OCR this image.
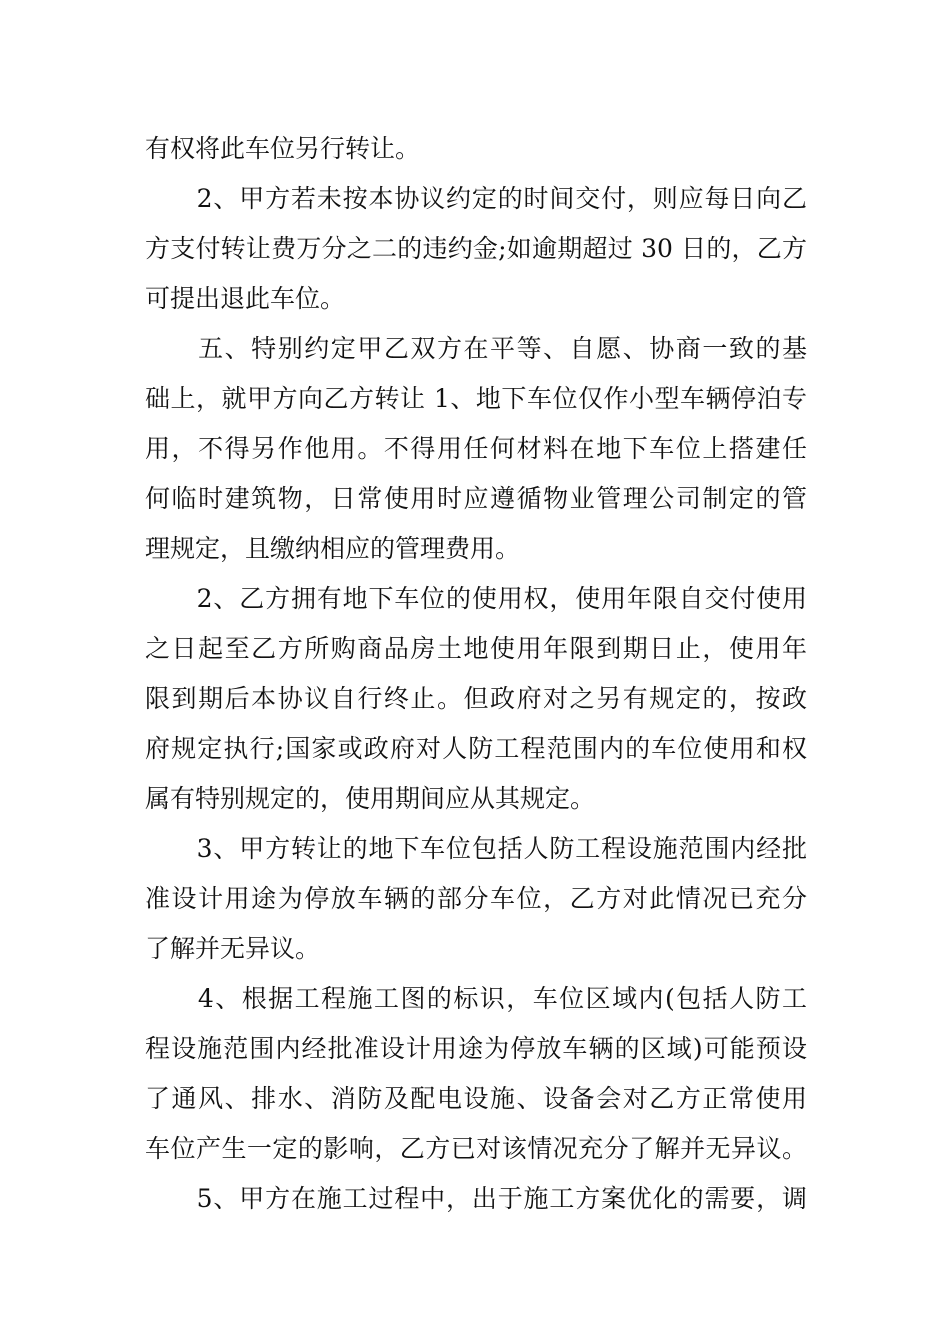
有权将此车位另行转让。
　　2、甲方若未按本协议约定的时间交付，则应每日向乙
方支付转让费万分之二的违约金;如逾期超过 30 日的，乙方
可提出退此车位。
　　五、特别约定甲乙双方在平等、自愿、协商一致的基
础上，就甲方向乙方转让 1、地下车位仅作小型车辆停泊专
用，不得另作他用。不得用任何材料在地下车位上搭建任
何临时建筑物，日常使用时应遵循物业管理公司制定的管
理规定，且缴纳相应的管理费用。
　　2、乙方拥有地下车位的使用权，使用年限自交付使用
之日起至乙方所购商品房土地使用年限到期日止，使用年
限到期后本协议自行终止。但政府对之另有规定的，按政
府规定执行;国家或政府对人防工程范围内的车位使用和权
属有特别规定的，使用期间应从其规定。
　　3、甲方转让的地下车位包括人防工程设施范围内经批
准设计用途为停放车辆的部分车位，乙方对此情况已充分
了解并无异议。
　　4、根据工程施工图的标识，车位区域内(包括人防工
程设施范围内经批准设计用途为停放车辆的区域)可能预设
了通风、排水、消防及配电设施、设备会对乙方正常使用
车位产生一定的影响，乙方已对该情况充分了解并无异议。
　　5、甲方在施工过程中，出于施工方案优化的需要，调
